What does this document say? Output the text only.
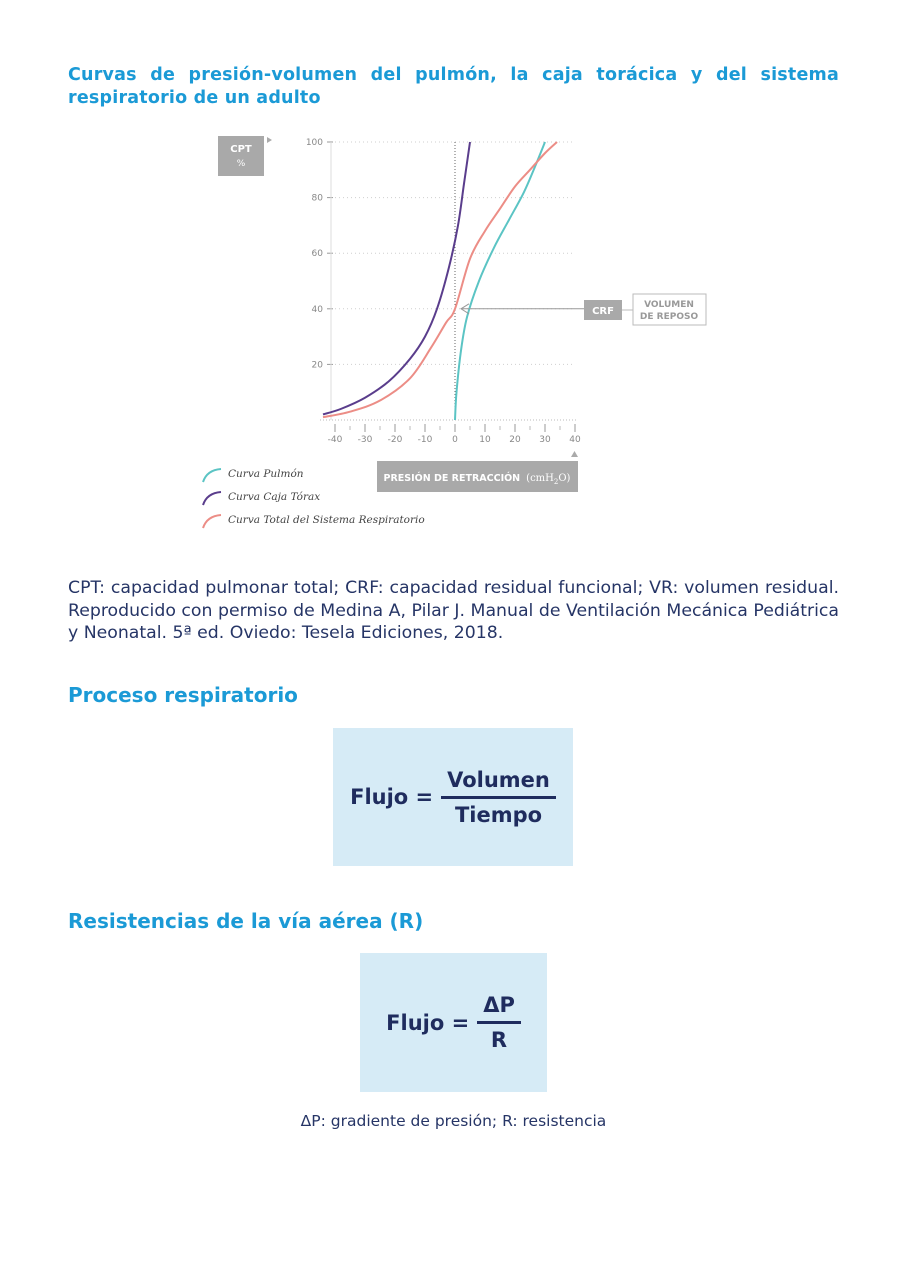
Curvas de presión-volumen del pulmón, la caja torácica y del sistema respiratorio de un adulto
CPT
%
PRESIÓN DE RETRACCIÓN (cmH$_2$O)
20
40
60
80
100
-40 -30 -20 -10 0 10 20 30 40
CRF
VOLUMEN
DE REPOSO
Curva Pulmón
Curva Caja Tórax
Curva Total del Sistema Respiratorio
CPT: capacidad pulmonar total; CRF: capacidad residual funcional; VR: volumen residual. Reproducido con permiso de Medina A, Pilar J. Manual de Ventilación Mecánica Pediátrica y Neonatal. 5ª ed. Oviedo: Tesela Ediciones, 2018.
Proceso respiratorio
Flujo = $\frac{\text{Volumen}}{\text{Tiempo}}$
Resistencias de la vía aérea (R)
Flujo = $\frac{\Delta P}{R}$
ΔP: gradiente de presión; R: resistencia
